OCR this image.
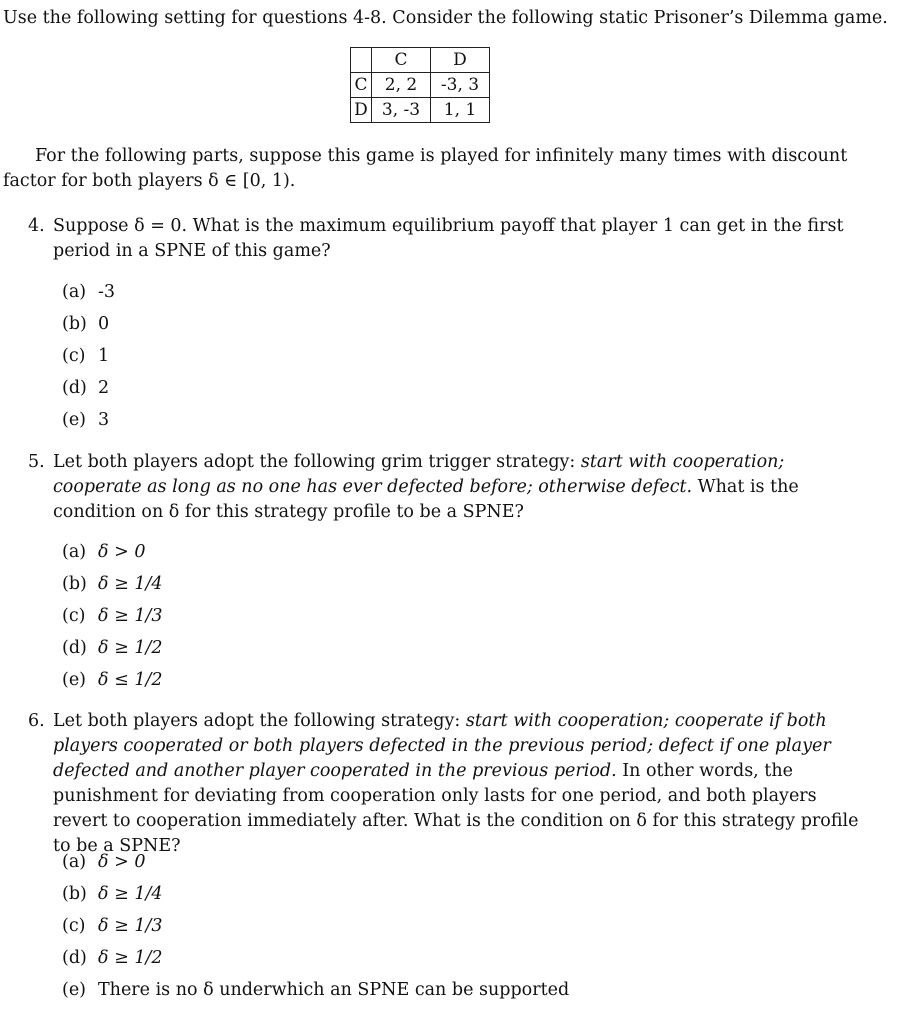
Use the following setting for questions 4-8. Consider the following static Prisoner’s Dilemma game.
	C	D
C	2, 2	-3, 3
D	3, -3	1, 1
For the following parts, suppose this game is played for infinitely many times with discount
factor for both players δ ∈ [0, 1).
4. Suppose δ = 0. What is the maximum equilibrium payoff that player 1 can get in the first period in a SPNE of this game?
(a) -3
(b) 0
(c) 1
(d) 2
(e) 3
5. Let both players adopt the following grim trigger strategy: start with cooperation; cooperate as long as no one has ever defected before; otherwise defect. What is the condition on δ for this strategy profile to be a SPNE?
(a) δ > 0
(b) δ ≥ 1/4
(c) δ ≥ 1/3
(d) δ ≥ 1/2
(e) δ ≤ 1/2
6. Let both players adopt the following strategy: start with cooperation; cooperate if both players cooperated or both players defected in the previous period; defect if one player defected and another player cooperated in the previous period. In other words, the punishment for deviating from cooperation only lasts for one period, and both players revert to cooperation immediately after. What is the condition on δ for this strategy profile to be a SPNE?
(a) δ > 0
(b) δ ≥ 1/4
(c) δ ≥ 1/3
(d) δ ≥ 1/2
(e) There is no δ underwhich an SPNE can be supported
